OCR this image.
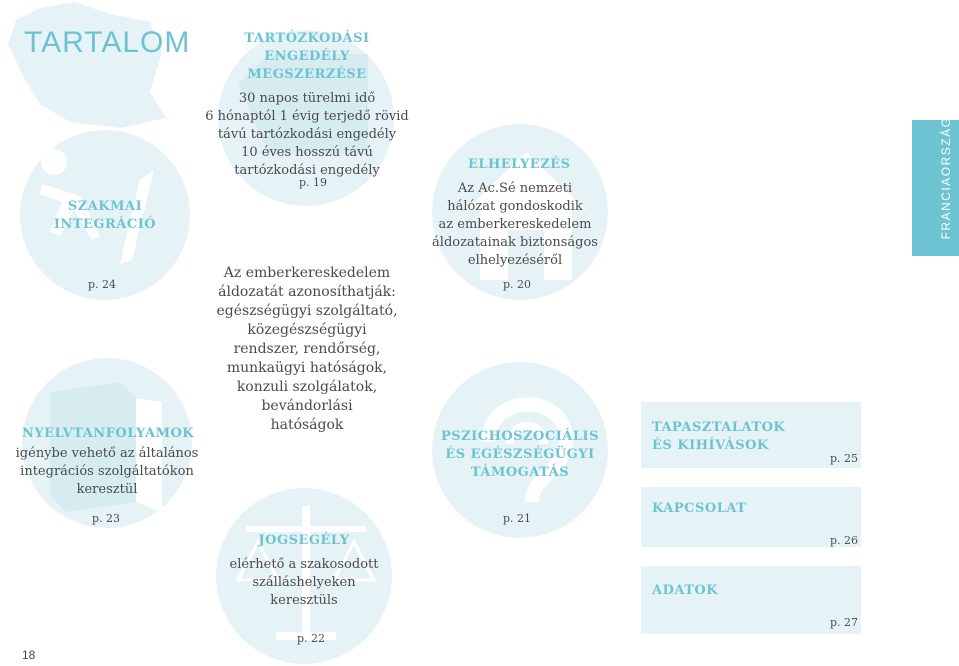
TARTALOM
FRANCIAORSZÁG
TARTÓZKODÁSI
ENGEDÉLY
MEGSZERZÉSE
30 napos türelmi idő
6 hónaptól 1 évig terjedő rövid
távú tartózkodási engedély
10 éves hosszú távú
tartózkodási engedély
p. 19
Az emberkereskedelem
áldozatát azonosíthatják:
egészségügyi szolgáltató,
közegészségügyi
rendszer, rendőrség,
munkaügyi hatóságok,
konzuli szolgálatok,
bevándorlási
hatóságok
SZAKMAI
INTEGRÁCIÓ
p. 24
NYELVTANFOLYAMOK
igénybe vehető az általános
integrációs szolgáltatókon
keresztül
p. 23
JOGSEGÉLY
elérhető a szakosodott
szálláshelyeken
keresztüls
p. 22
ELHELYEZÉS
Az Ac.Sé nemzeti
hálózat gondoskodik
az emberkereskedelem
áldozatainak biztonságos
elhelyezéséről
p. 20
PSZICHOSZOCIÁLIS
ÉS EGÉSZSÉGÜGYI
TÁMOGATÁS
p. 21
TAPASZTALATOK
ÉS KIHÍVÁSOK
p. 25
KAPCSOLAT
p. 26
ADATOK
p. 27
18
